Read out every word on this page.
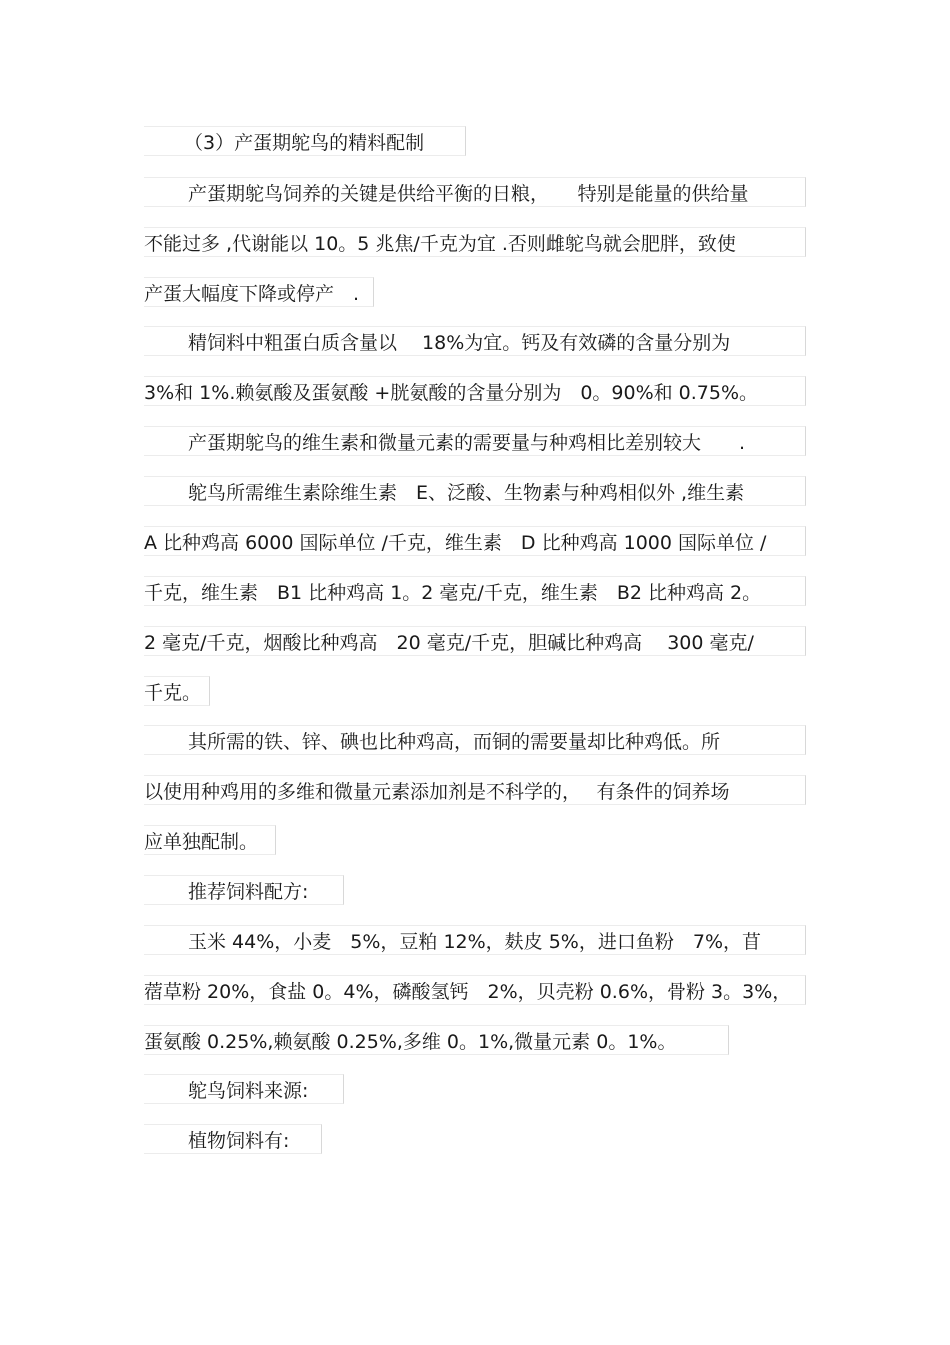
（3）产蛋期鸵鸟的精料配制
产蛋期鸵鸟饲养的关键是供给平衡的日粮，　　特别是能量的供给量
不能过多 ,代谢能以 10。5 兆焦/千克为宜 .否则雌鸵鸟就会肥胖，致使
产蛋大幅度下降或停产　.
精饲料中粗蛋白质含量以　 18%为宜。钙及有效磷的含量分别为
3%和 1%.赖氨酸及蛋氨酸 +胱氨酸的含量分别为　0。90%和 0.75%。
产蛋期鸵鸟的维生素和微量元素的需要量与种鸡相比差别较大　　.
鸵鸟所需维生素除维生素　E、泛酸、生物素与种鸡相似外 ,维生素
A 比种鸡高 6000 国际单位 /千克，维生素　D 比种鸡高 1000 国际单位 /
千克，维生素　B1 比种鸡高 1。2 毫克/千克，维生素　B2 比种鸡高 2。
2 毫克/千克，烟酸比种鸡高　20 毫克/千克，胆碱比种鸡高　 300 毫克/
千克。
其所需的铁、锌、碘也比种鸡高，而铜的需要量却比种鸡低。所
以使用种鸡用的多维和微量元素添加剂是不科学的，　 有条件的饲养场
应单独配制。
推荐饲料配方:
玉米 44%，小麦　5%，豆粕 12%，麸皮 5%，进口鱼粉　7%，苜
蓿草粉 20%，食盐 0。4%，磷酸氢钙　2%，贝壳粉 0.6%，骨粉 3。3%，
蛋氨酸 0.25%,赖氨酸 0.25%,多维 0。1%,微量元素 0。1%。
鸵鸟饲料来源:
植物饲料有:
